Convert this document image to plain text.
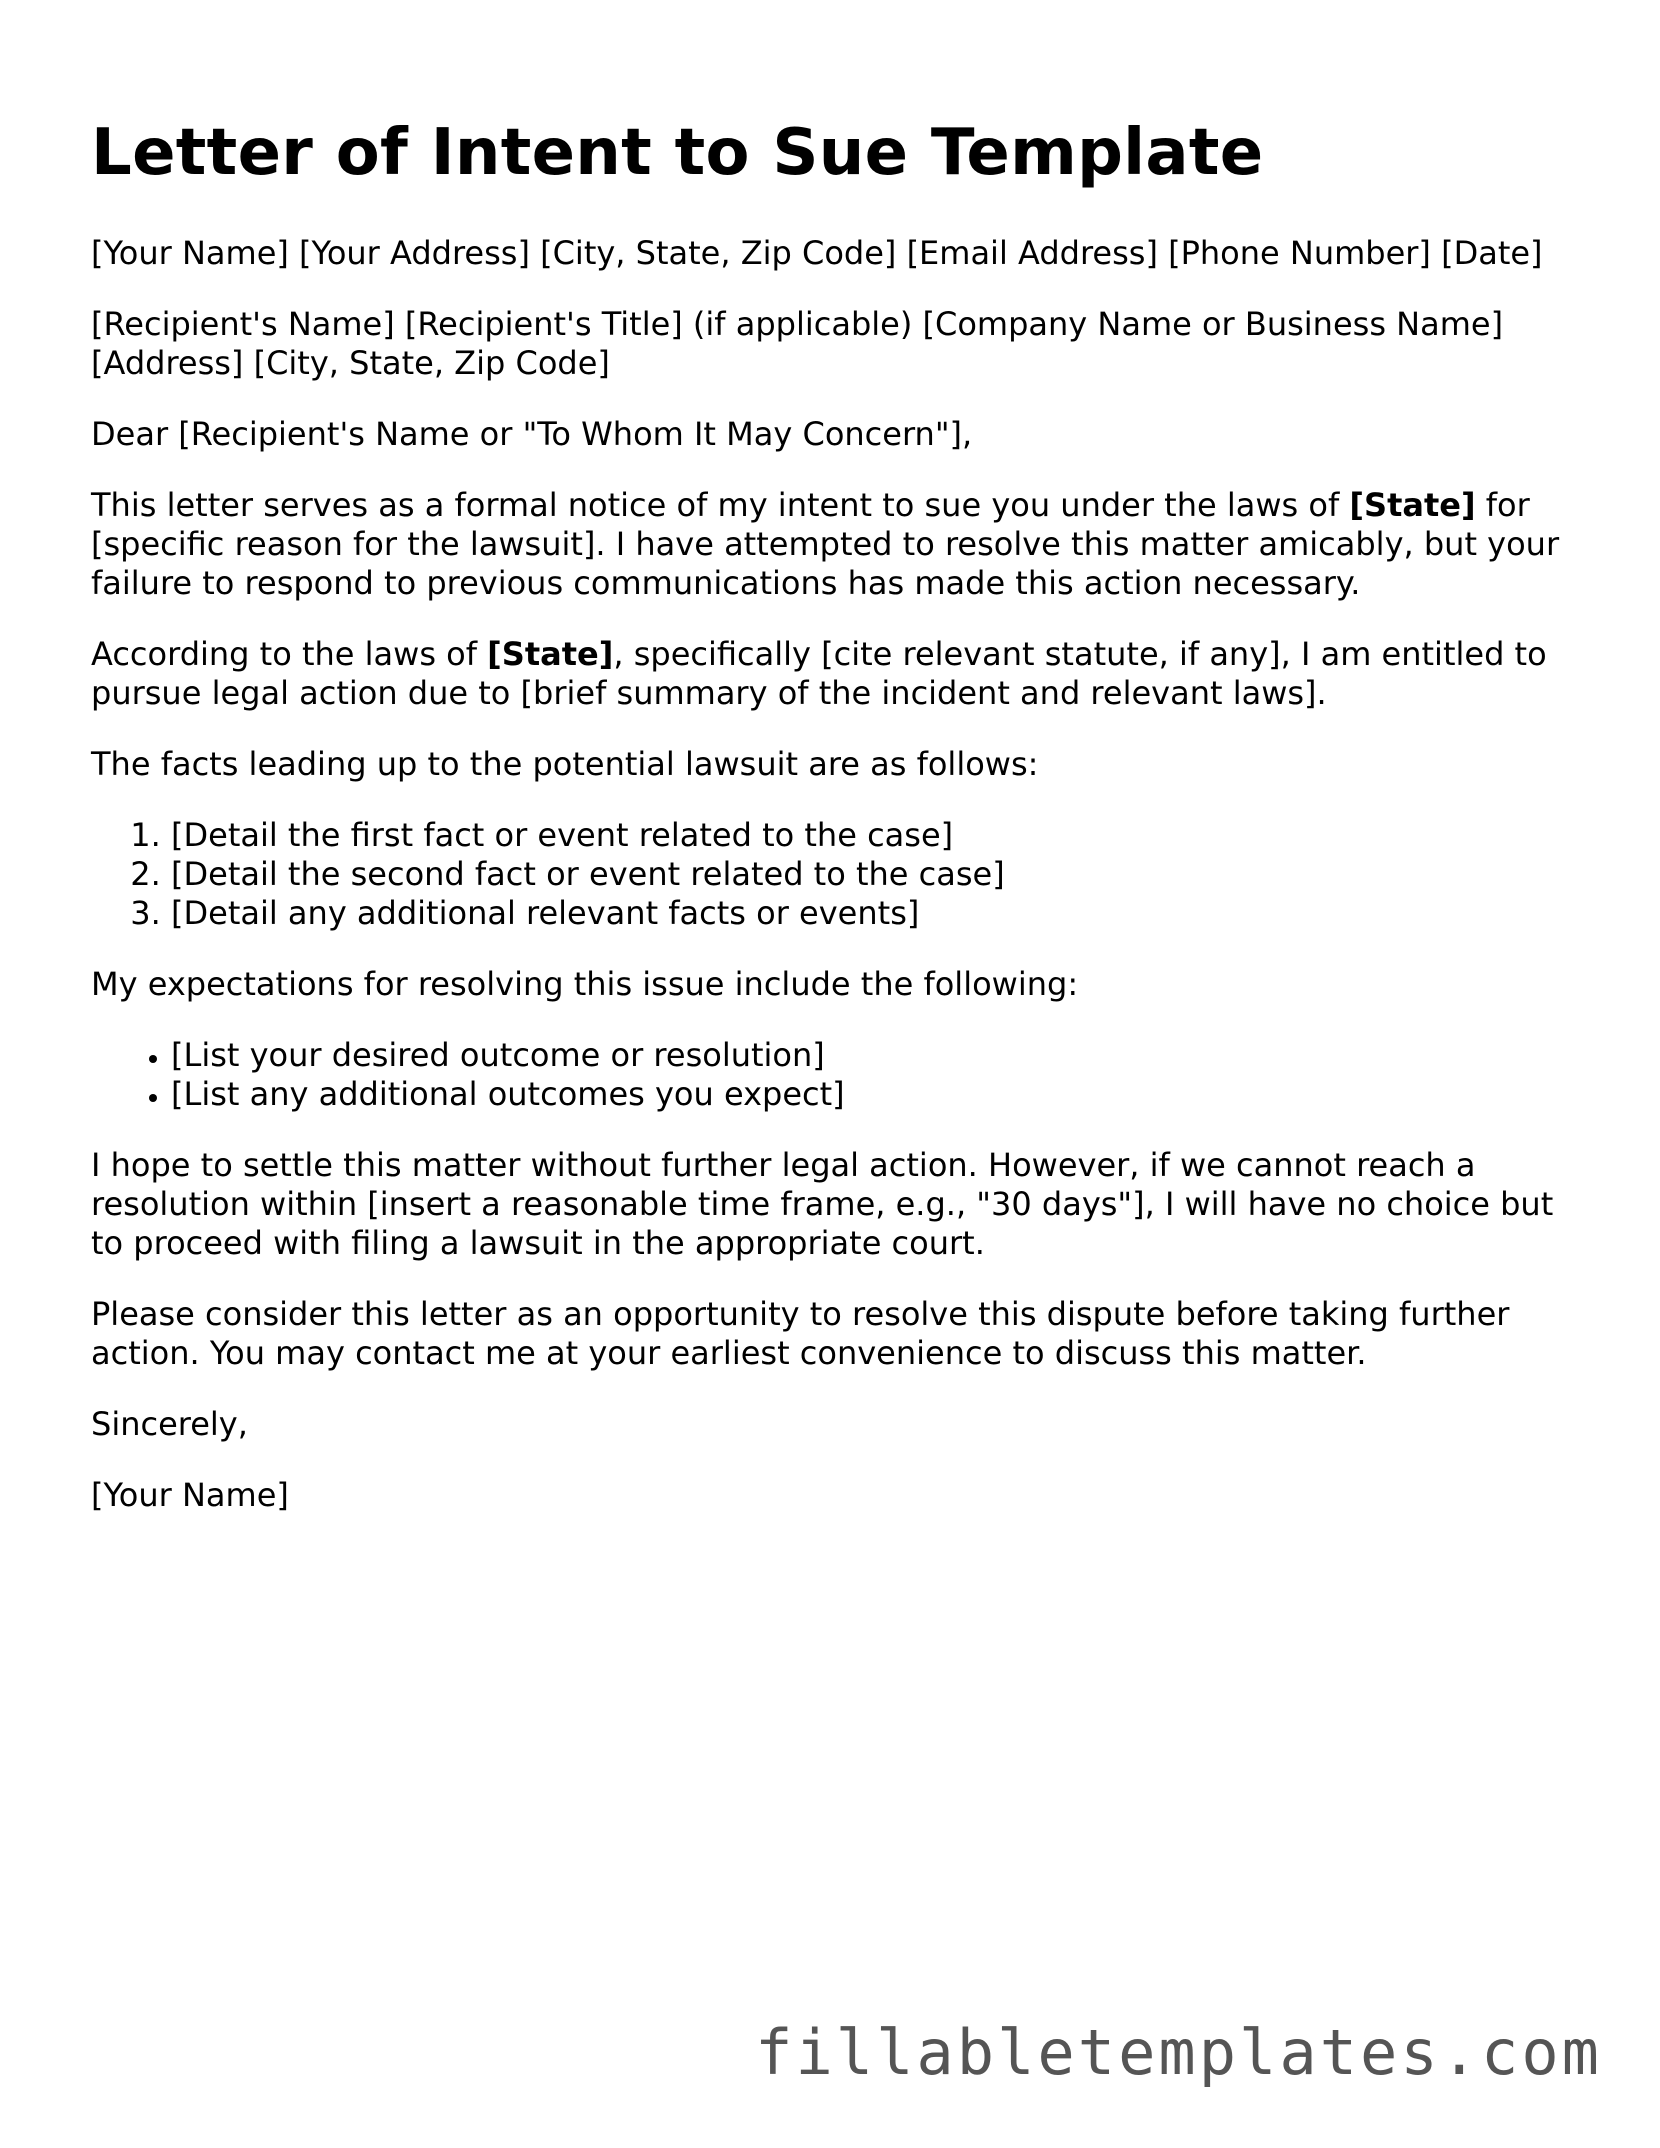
Letter of Intent to Sue Template

[Your Name] [Your Address] [City, State, Zip Code] [Email Address] [Phone Number] [Date]

[Recipient's Name] [Recipient's Title] (if applicable) [Company Name or Business Name] [Address] [City, State, Zip Code]

Dear [Recipient's Name or "To Whom It May Concern"],

This letter serves as a formal notice of my intent to sue you under the laws of [State] for [specific reason for the lawsuit]. I have attempted to resolve this matter amicably, but your failure to respond to previous communications has made this action necessary.

According to the laws of [State], specifically [cite relevant statute, if any], I am entitled to pursue legal action due to [brief summary of the incident and relevant laws].

The facts leading up to the potential lawsuit are as follows:

1. [Detail the first fact or event related to the case]
2. [Detail the second fact or event related to the case]
3. [Detail any additional relevant facts or events]

My expectations for resolving this issue include the following:

• [List your desired outcome or resolution]
• [List any additional outcomes you expect]

I hope to settle this matter without further legal action. However, if we cannot reach a resolution within [insert a reasonable time frame, e.g., "30 days"], I will have no choice but to proceed with filing a lawsuit in the appropriate court.

Please consider this letter as an opportunity to resolve this dispute before taking further action. You may contact me at your earliest convenience to discuss this matter.

Sincerely,

[Your Name]

fillabletemplates.com
